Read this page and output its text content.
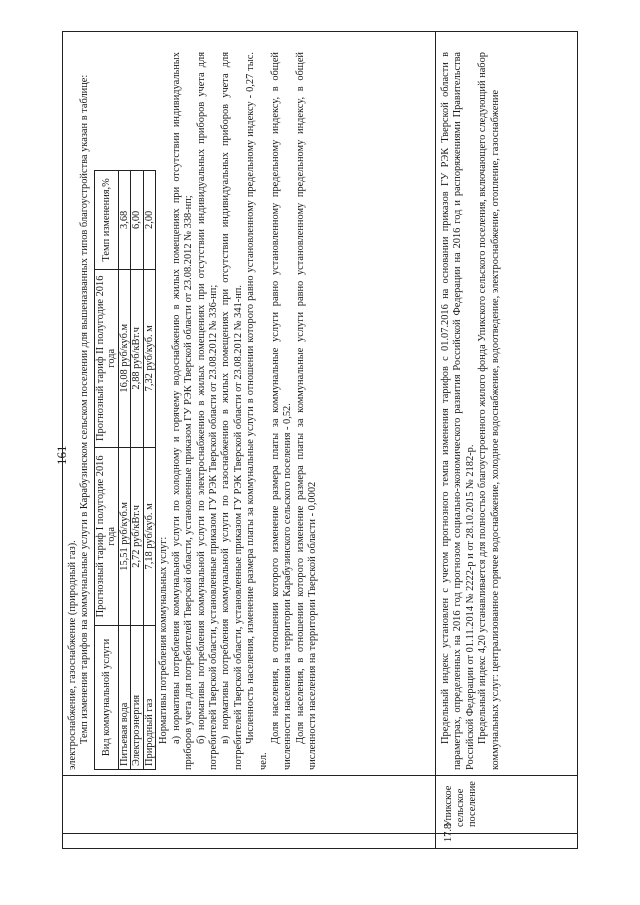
161

электроснабжение, газоснабжение (природный газ). Темп изменения тарифов на коммунальные услуги в Карабузинском сельском поселении для вышеназванных типов благоустройства указан в таблице: Вид коммунальной услуги	Прогнозный тариф I полугодие 2016 года	Прогнозный тариф II полугодие 2016 года	Темп изменения,%
Питьевая вода	15,51 руб/куб.м	16,08 руб/куб.м	3,68
Электроэнергия	2,72 руб/кВт.ч	2,88 руб/кВт.ч	6,00
Природный газ	7,18 руб/куб. м	7,32 руб/куб. м	2,00

Нормативы потребления коммунальных услуг: а) нормативы потребления коммунальной услуги по холодному и горячему водоснабжению в жилых помещениях при отсутствии индивидуальных приборов учета для потребителей Тверской области, установленные приказом ГУ РЭК Тверской области от 23.08.2012 № 338-нп; б) нормативы потребления коммунальной услуги по электроснабжению в жилых помещениях при отсутствии индивидуальных приборов учета для потребителей Тверской области, установленные приказом ГУ РЭК Тверской области от 23.08.2012 № 336-нп; в) нормативы потребления коммунальной услуги по газоснабжению в жилых помещениях при отсутствии индивидуальных приборов учета для потребителей Тверской области, установленные приказом ГУ РЭК Тверской области от 23.08.2012 № 341-нп. Численность населения, изменение размера платы за коммунальные услуги в отношении которого равно установленному предельному индексу - 0,27 тыс. чел.

Доля населения, в отношении которого изменение размера платы за коммунальные услуги равно установленному предельному индексу, в общей численности населения на территории Карабузинского сельского поселения - 0,52. Доля населения, в отношении которого изменение размера платы за коммунальные услуги равно установленному предельному индексу, в общей численности населения на территории Тверской области - 0,0002

17.8
Упикское сельское поселение

Предельный индекс установлен с учетом прогнозного темпа изменения тарифов с 01.07.2016 на основании приказов ГУ РЭК Тверской области в параметрах, определенных на 2016 год прогнозом социально-экономического развития Российской Федерации на 2016 год и распоряжениями Правительства Российской Федерации от 01.11.2014 № 2222-р и от 28.10.2015 № 2182-р. Предельный индекс 4,20 устанавливается для полностью благоустроенного жилого фонда Упикского сельского поселения, включающего следующий набор коммунальных услуг: централизованное горячее водоснабжение, холодное водоснабжение, водоотведение, электроснабжение, отопление, газоснабжение
